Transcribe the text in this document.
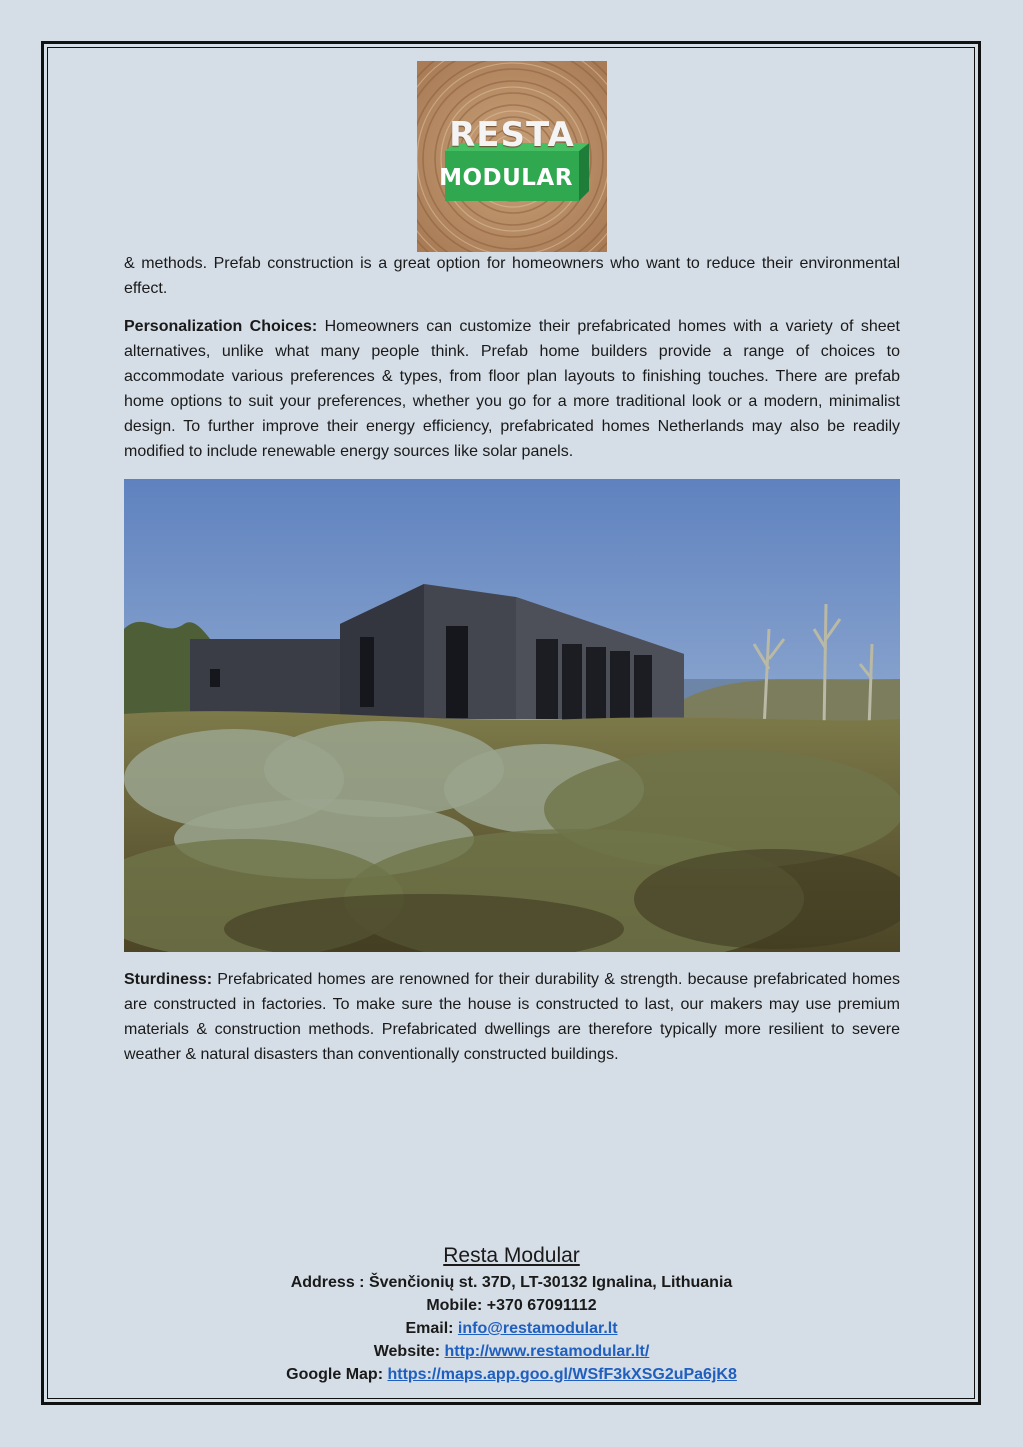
RESTA
MODULAR

& methods. Prefab construction is a great option for homeowners who want to reduce their environmental effect.

Personalization Choices: Homeowners can customize their prefabricated homes with a variety of sheet alternatives, unlike what many people think. Prefab home builders provide a range of choices to accommodate various preferences & types, from floor plan layouts to finishing touches. There are prefab home options to suit your preferences, whether you go for a more traditional look or a modern, minimalist design. To further improve their energy efficiency, prefabricated homes Netherlands may also be readily modified to include renewable energy sources like solar panels.

Sturdiness: Prefabricated homes are renowned for their durability & strength. because prefabricated homes are constructed in factories. To make sure the house is constructed to last, our makers may use premium materials & construction methods. Prefabricated dwellings are therefore typically more resilient to severe weather & natural disasters than conventionally constructed buildings.

Resta Modular
Address : Švenčionių st. 37D, LT-30132 Ignalina, Lithuania
Mobile: +370 67091112
Email: info@restamodular.lt
Website: http://www.restamodular.lt/
Google Map: https://maps.app.goo.gl/WSfF3kXSG2uPa6jK8
